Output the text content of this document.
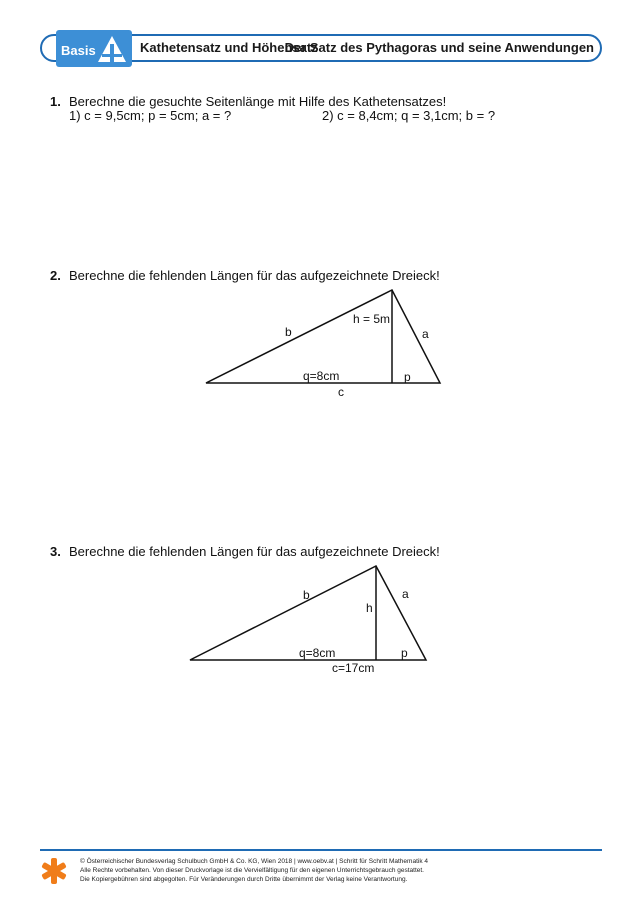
Basis	Kathetensatz und Höhensatz
Der Satz des Pythagoras und seine Anwendungen
1. Berechne die gesuchte Seitenlänge mit Hilfe des Kathetensatzes!
1) c = 9,5cm; p = 5cm; a = ?	2) c = 8,4cm; q = 3,1cm; b = ?
2. Berechne die fehlenden Längen für das aufgezeichnete Dreieck!
b
h = 5m
a
q=8cm	p
c
3. Berechne die fehlenden Längen für das aufgezeichnete Dreieck!
b
h
a
q=8cm	p
c=17cm
© Österreichischer Bundesverlag Schulbuch GmbH & Co. KG, Wien 2018 | www.oebv.at | Schritt für Schritt Mathematik 4
Alle Rechte vorbehalten. Von dieser Druckvorlage ist die Vervielfältigung für den eigenen Unterrichtsgebrauch gestattet.
Die Kopiergebühren sind abgegolten. Für Veränderungen durch Dritte übernimmt der Verlag keine Verantwortung.
